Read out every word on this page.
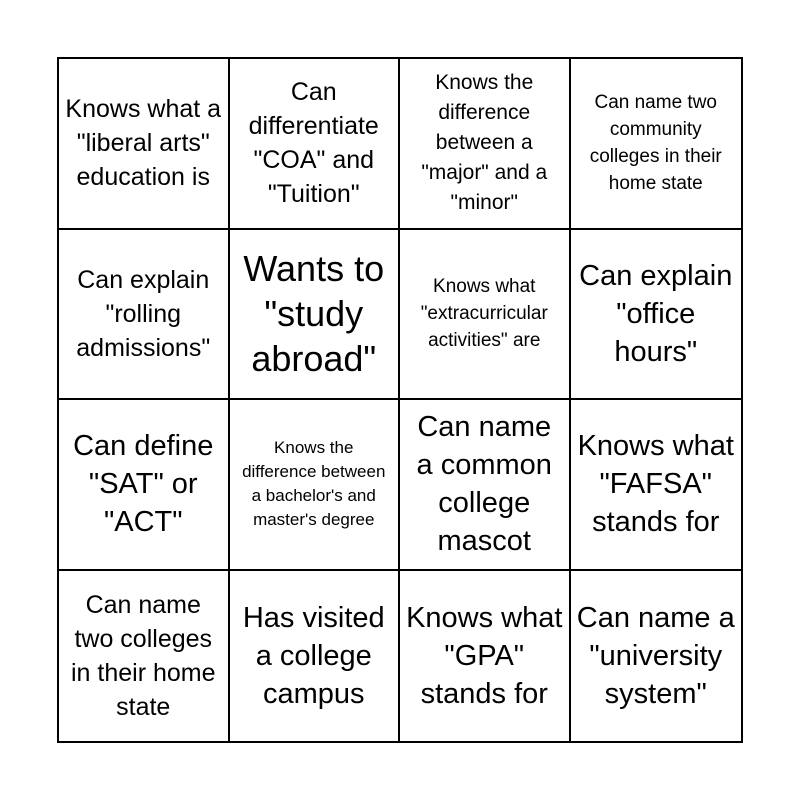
Knows what a "liberal arts" education is
Can differentiate "COA" and "Tuition"
Knows the difference between a "major" and a "minor"
Can name two community colleges in their home state
Can explain "rolling admissions"
Wants to "study abroad"
Knows what "extracurricular activities" are
Can explain "office hours"
Can define "SAT" or "ACT"
Knows the difference between a bachelor's and master's degree
Can name a common college mascot
Knows what "FAFSA" stands for
Can name two colleges in their home state
Has visited a college campus
Knows what "GPA" stands for
Can name a "university system"
